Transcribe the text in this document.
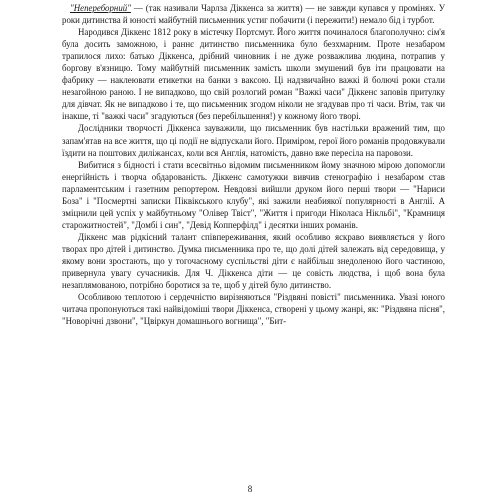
"Непереборний" — (так називали Чарлза Діккенса за життя) — не завжди купався у промінях. У роки дитинства й юності майбутній письменник устиг побачити (і пережити!) немало бід і турбот.

Народився Діккенс 1812 року в містечку Портсмут. Його життя починалося благополучно: сім'я була досить заможною, і раннє дитинство письменника було безхмарним. Проте незабаром трапилося лихо: батько Діккенса, дрібний чиновник і не дуже розважлива людина, потрапив у боргову в'язницю. Тому майбутній письменник замість школи змушений був іти працювати на фабрику — наклеювати етикетки на банки з ваксою. Ці надзвичайно важкі й болючі роки стали незагойною раною. І не випадково, що свій розлогий роман "Важкі часи" Діккенс заповів притулку для дівчат. Як не випадково і те, що письменник згодом ніколи не згадував про ті часи. Втім, так чи інакше, ті "важкі часи" згадуються (без перебільшення!) у кожному його творі.

Дослідники творчості Діккенса зауважили, що письменник був настільки вражений тим, що запам'ятав на все життя, що ці події не відпускали його. Приміром, герої його романів продовжували їздити на поштових диліжансах, коли вся Англія, натомість, давно вже пересіла на паровози.

Вибитися з бідності і стати всесвітньо відомим письменником йому значною мірою допомогли енергійність і творча обдарованість. Діккенс самотужки вивчив стенографію і незабаром став парламентським і газетним репортером. Невдовзі вийшли друком його перші твори — "Нариси Боза" і "Посмертні записки Піквікського клубу", які зажили неабиякої популярності в Англії. А зміцнили цей успіх у майбутньому "Олівер Твіст", "Життя і пригоди Ніколаса Нікльбі", "Крамниця старожитностей", "Домбі і син", "Девід Копперфілд" і десятки інших романів.

Діккенс мав рідкісний талант співпереживання, який особливо яскраво виявляється у його творах про дітей і дитинство. Думка письменника про те, що долі дітей залежать від середовища, у якому вони зростають, що у тогочасному суспільстві діти є найбільш знедоленою його частиною, привернула увагу сучасників. Для Ч. Діккенса діти — це совість людства, і щоб вона була незаплямованою, потрібно боротися за те, щоб у дітей було дитинство.

Особливою теплотою і сердечністю вирізняються "Різдвяні повісті" письменника. Увазі юного читача пропонуються такі найвідоміші твори Діккенса, створені у цьому жанрі, як: "Різдвяна пісня", "Новорічні дзвони", "Цвіркун домашнього вогнища", "Бит-

8
